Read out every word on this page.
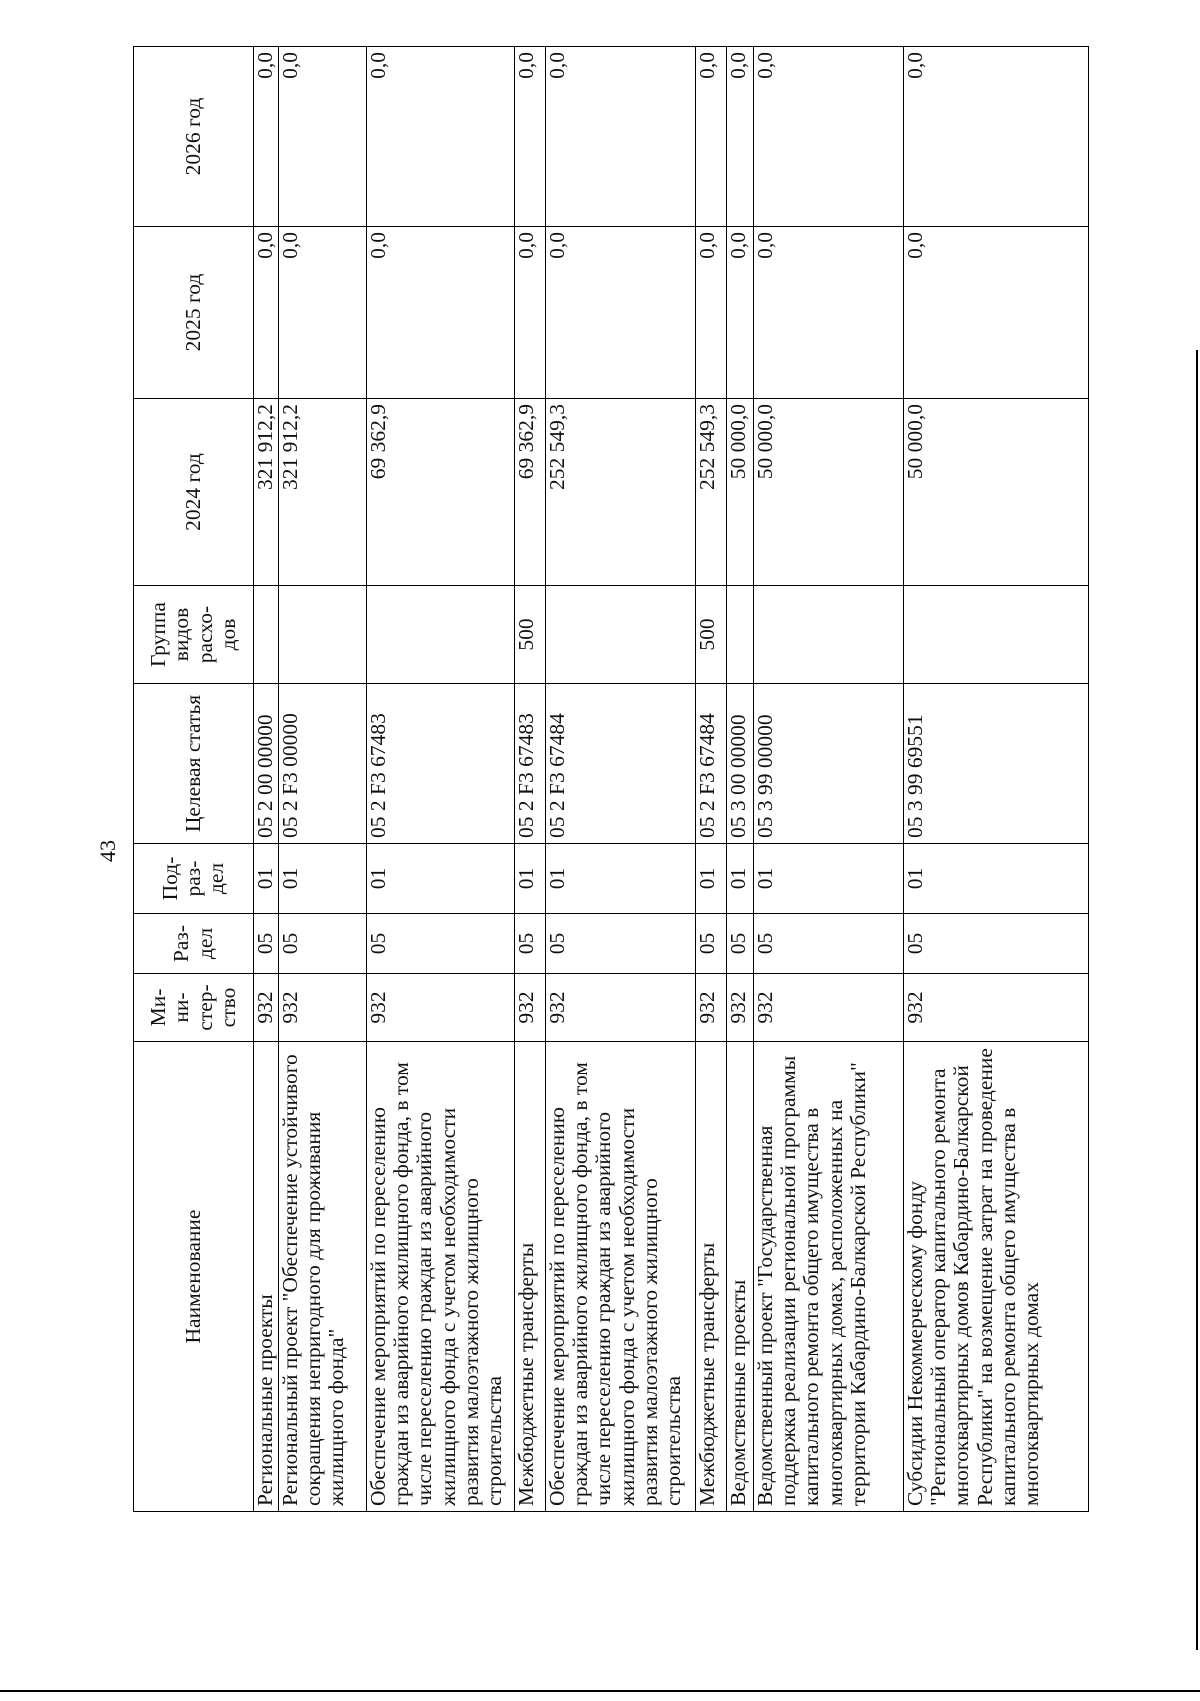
43
Наименование	Ми-ни-стер-ство	Раз-дел	Под-раз-дел	Целевая статья	Группа видов расхо-дов	2024 год	2025 год	2026 год
Региональные проекты	932	05	01	05 2 00 00000		321 912,2	0,0	0,0
Региональный проект "Обеспечение устойчивого сокращения непригодного для проживания жилищного фонда"	932	05	01	05 2 F3 00000		321 912,2	0,0	0,0
Обеспечение мероприятий по переселению граждан из аварийного жилищного фонда, в том числе переселению граждан из аварийного жилищного фонда с учетом необходимости развития малоэтажного жилищного строительства	932	05	01	05 2 F3 67483		69 362,9	0,0	0,0
Межбюджетные трансферты	932	05	01	05 2 F3 67483	500	69 362,9	0,0	0,0
Обеспечение мероприятий по переселению граждан из аварийного жилищного фонда, в том числе переселению граждан из аварийного жилищного фонда с учетом необходимости развития малоэтажного жилищного строительства	932	05	01	05 2 F3 67484		252 549,3	0,0	0,0
Межбюджетные трансферты	932	05	01	05 2 F3 67484	500	252 549,3	0,0	0,0
Ведомственные проекты	932	05	01	05 3 00 00000		50 000,0	0,0	0,0
Ведомственный проект "Государственная поддержка реализации региональной программы капитального ремонта общего имущества в многоквартирных домах, расположенных на территории Кабардино-Балкарской Республики"	932	05	01	05 3 99 00000		50 000,0	0,0	0,0
Субсидии Некоммерческому фонду "Региональный оператор капитального ремонта многоквартирных домов Кабардино-Балкарской Республики" на возмещение затрат на проведение капитального ремонта общего имущества в многоквартирных домах	932	05	01	05 3 99 69551		50 000,0	0,0	0,0
